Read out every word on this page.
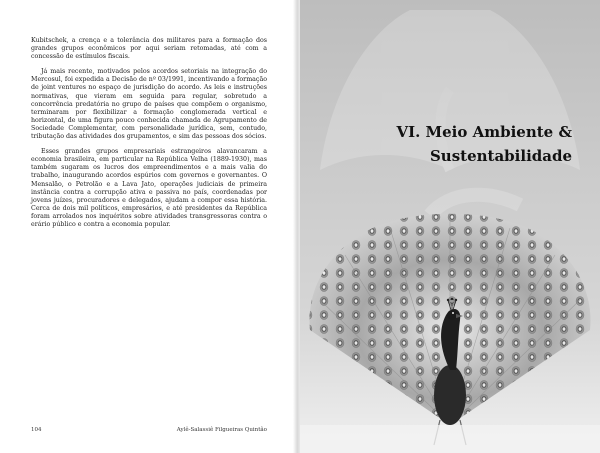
Kubitschek, a crença e a tolerância dos militares para a formação dos grandes grupos econômicos por aqui seriam retomadas, até com a concessão de estímulos fiscais.

Já mais recente, motivados pelos acordos setoriais na integração do Mercosul, foi expedida a Decisão de nº 03/1991, incentivando a formação de joint ventures no espaço de jurisdição do acordo. As leis e instruções normativas, que vieram em seguida para regular, sobretudo a concorrência predatória no grupo de países que compõem o organismo, terminaram por flexibilizar a formação conglomerada vertical e horizontal, de uma figura pouco conhecida chamada de Agrupamento de Sociedade Complementar, com personalidade jurídica, sem, contudo, tributação das atividades dos grupamentos, e sim das pessoas dos sócios.

Esses grandes grupos empresariais estrangeiros alavancaram a economia brasileira, em particular na República Velha (1889-1930), mas também sugaram os lucros dos empreendimentos e a mais valia do trabalho, inaugurando acordos espúrios com governos e governantes. O Mensalão, o Petrolão e a Lava Jato, operações judiciais de primeira instância contra a corrupção ativa e passiva no país, coordenadas por jovens juízes, procuradores e delegados, ajudam a compor essa história. Cerca de dois mil políticos, empresários, e até presidentes da República foram arrolados nos inquéritos sobre atividades transgressoras contra o erário público e contra a economia popular.

104	Aylê-Salassiê Filgueiras Quintão
VI. Meio Ambiente &
Sustentabilidade
